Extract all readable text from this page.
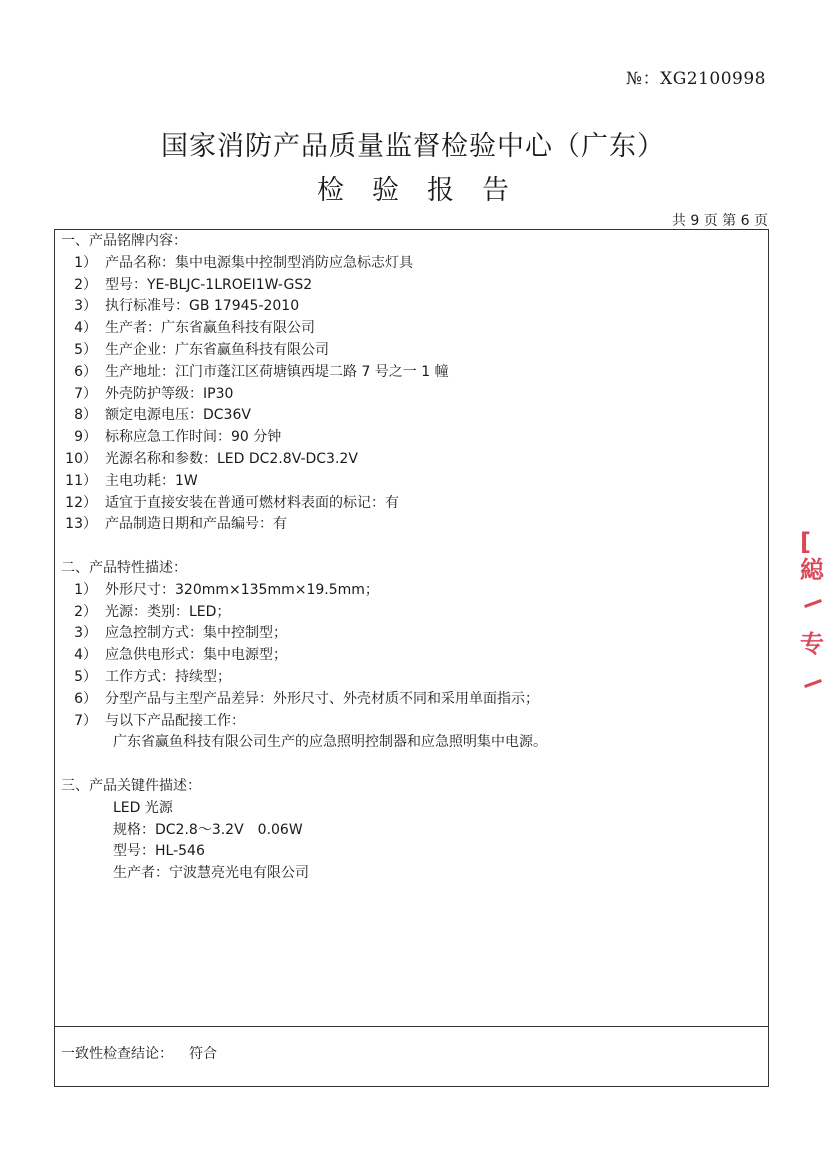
№：XG2100998
国家消防产品质量监督检验中心（广东）
检验报告
共 9 页 第 6 页
一、产品铭牌内容：
1） 产品名称：集中电源集中控制型消防应急标志灯具
2） 型号：YE-BLJC-1LROEⅠ1W-GS2
3） 执行标准号：GB 17945-2010
4） 生产者：广东省赢鱼科技有限公司
5） 生产企业：广东省赢鱼科技有限公司
6） 生产地址：江门市蓬江区荷塘镇西堤二路 7 号之一 1 幢
7） 外壳防护等级：IP30
8） 额定电源电压：DC36V
9） 标称应急工作时间：90 分钟
10） 光源名称和参数：LED DC2.8V-DC3.2V
11） 主电功耗：1W
12） 适宜于直接安装在普通可燃材料表面的标记：有
13） 产品制造日期和产品编号：有
二、产品特性描述：
1） 外形尺寸：320mm×135mm×19.5mm；
2） 光源：类别：LED；
3） 应急控制方式：集中控制型；
4） 应急供电形式：集中电源型；
5） 工作方式：持续型；
6） 分型产品与主型产品差异：外形尺寸、外壳材质不同和采用单面指示；
7） 与以下产品配接工作：
广东省赢鱼科技有限公司生产的应急照明控制器和应急照明集中电源。
三、产品关键件描述：
LED 光源
规格：DC2.8～3.2V　0.06W
型号：HL-546
生产者：宁波慧亮光电有限公司
一致性检查结论： 符合
[
縂
专
